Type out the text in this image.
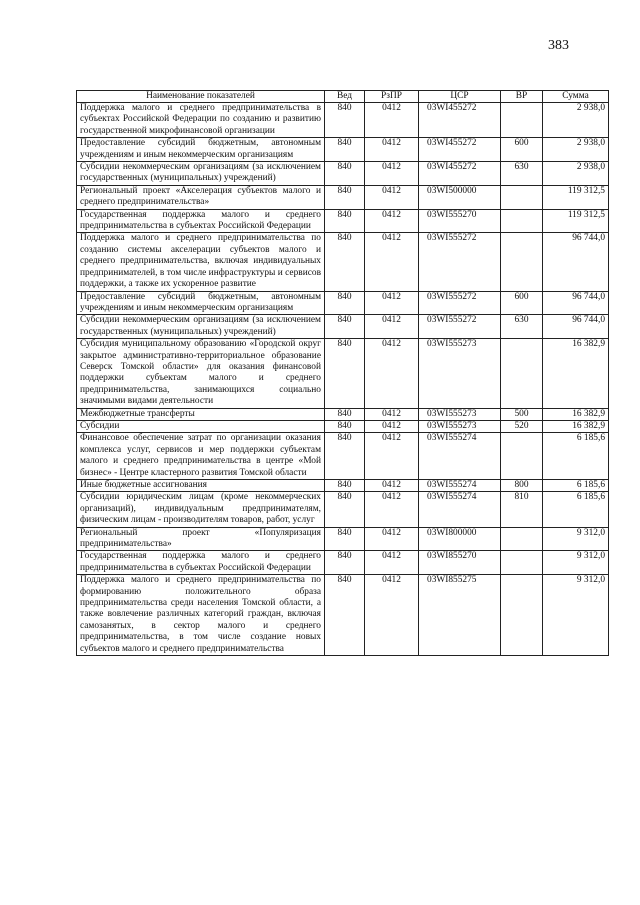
383
Наименование показателей	Вед	РзПР	ЦСР	ВР	Сумма
Поддержка малого и среднего предпринимательства в субъектах Российской Федерации по созданию и развитию государственной микрофинансовой организации	840	0412	03WI455272		2 938,0
Предоставление субсидий бюджетным, автономным учреждениям и иным некоммерческим организациям	840	0412	03WI455272	600	2 938,0
Субсидии некоммерческим организациям (за исключением государственных (муниципальных) учреждений)	840	0412	03WI455272	630	2 938,0
Региональный проект «Акселерация субъектов малого и среднего предпринимательства»	840	0412	03WI500000		119 312,5
Государственная поддержка малого и среднего предпринимательства в субъектах Российской Федерации	840	0412	03WI555270		119 312,5
Поддержка малого и среднего предпринимательства по созданию системы акселерации субъектов малого и среднего предпринимательства, включая индивидуальных предпринимателей, в том числе инфраструктуры и сервисов поддержки, а также их ускоренное развитие	840	0412	03WI555272		96 744,0
Предоставление субсидий бюджетным, автономным учреждениям и иным некоммерческим организациям	840	0412	03WI555272	600	96 744,0
Субсидии некоммерческим организациям (за исключением государственных (муниципальных) учреждений)	840	0412	03WI555272	630	96 744,0
Субсидия муниципальному образованию «Городской округ закрытое административно-территориальное образование Северск Томской области» для оказания финансовой поддержки субъектам малого и среднего предпринимательства, занимающихся социально значимыми видами деятельности	840	0412	03WI555273		16 382,9
Межбюджетные трансферты	840	0412	03WI555273	500	16 382,9
Субсидии	840	0412	03WI555273	520	16 382,9
Финансовое обеспечение затрат по организации оказания комплекса услуг, сервисов и мер поддержки субъектам малого и среднего предпринимательства в центре «Мой бизнес» - Центре кластерного развития Томской области	840	0412	03WI555274		6 185,6
Иные бюджетные ассигнования	840	0412	03WI555274	800	6 185,6
Субсидии юридическим лицам (кроме некоммерческих организаций), индивидуальным предпринимателям, физическим лицам - производителям товаров, работ, услуг	840	0412	03WI555274	810	6 185,6
Региональный проект «Популяризация предпринимательства»	840	0412	03WI800000		9 312,0
Государственная поддержка малого и среднего предпринимательства в субъектах Российской Федерации	840	0412	03WI855270		9 312,0
Поддержка малого и среднего предпринимательства по формированию положительного образа предпринимательства среди населения Томской области, а также вовлечение различных категорий граждан, включая самозанятых, в сектор малого и среднего предпринимательства, в том числе создание новых субъектов малого и среднего предпринимательства	840	0412	03WI855275		9 312,0
